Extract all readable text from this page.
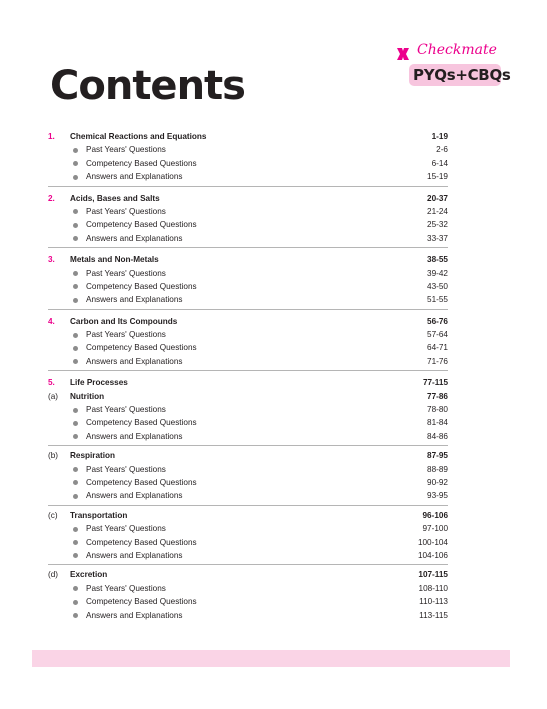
Checkmate
PYQs+CBQs
Contents
1. Chemical Reactions and Equations	1-19
Past Years' Questions	2-6
Competency Based Questions	6-14
Answers and Explanations	15-19
2. Acids, Bases and Salts	20-37
Past Years' Questions	21-24
Competency Based Questions	25-32
Answers and Explanations	33-37
3. Metals and Non-Metals	38-55
Past Years' Questions	39-42
Competency Based Questions	43-50
Answers and Explanations	51-55
4. Carbon and Its Compounds	56-76
Past Years' Questions	57-64
Competency Based Questions	64-71
Answers and Explanations	71-76
5. Life Processes	77-115
(a) Nutrition	77-86
Past Years' Questions	78-80
Competency Based Questions	81-84
Answers and Explanations	84-86
(b) Respiration	87-95
Past Years' Questions	88-89
Competency Based Questions	90-92
Answers and Explanations	93-95
(c) Transportation	96-106
Past Years' Questions	97-100
Competency Based Questions	100-104
Answers and Explanations	104-106
(d) Excretion	107-115
Past Years' Questions	108-110
Competency Based Questions	110-113
Answers and Explanations	113-115
